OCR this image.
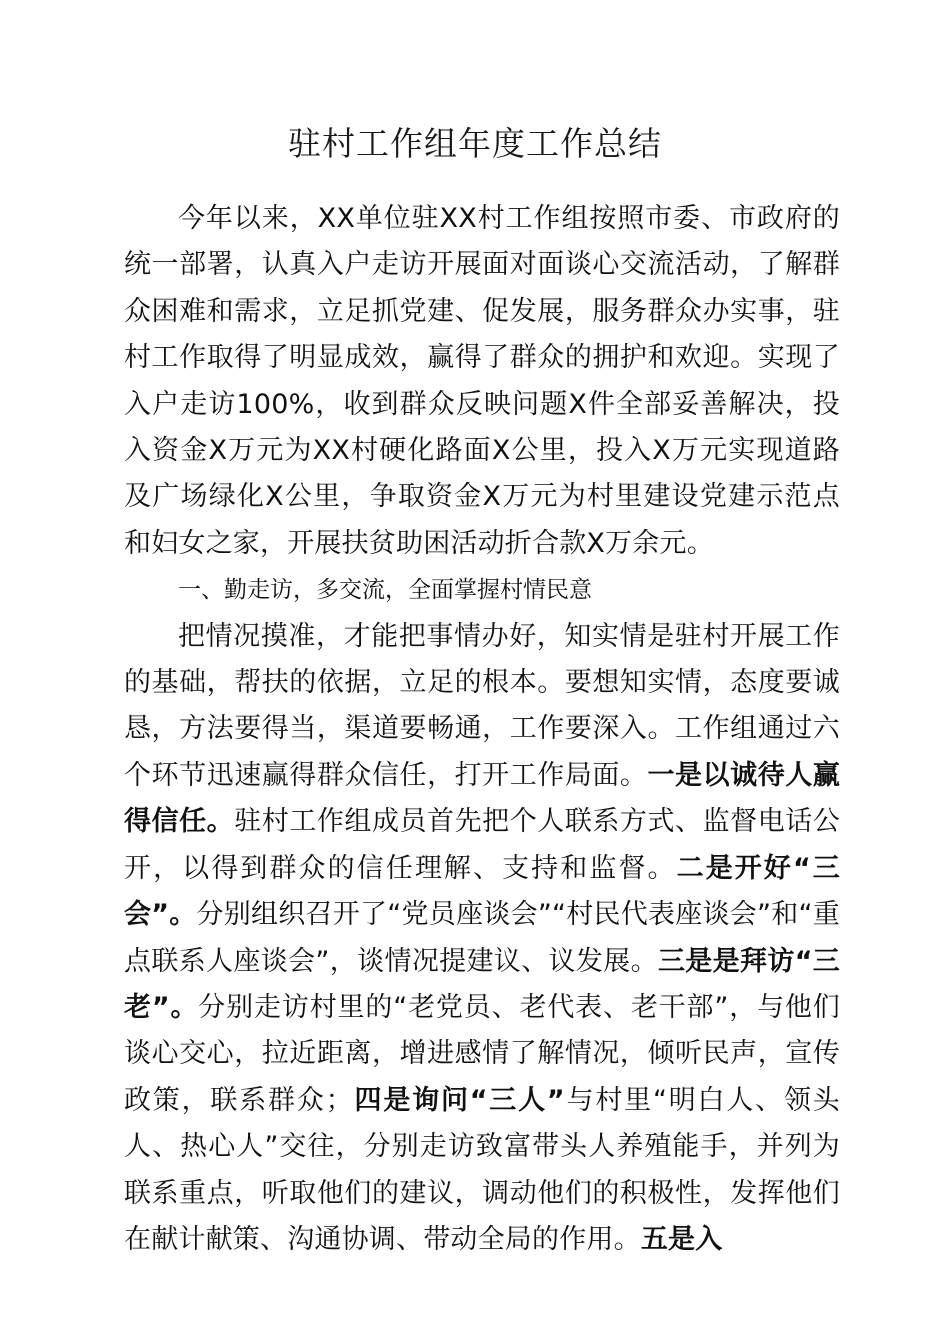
驻村工作组年度工作总结

今年以来，XX单位驻XX村工作组按照市委、市政府的统一部署，认真入户走访开展面对面谈心交流活动，了解群众困难和需求，立足抓党建、促发展，服务群众办实事，驻村工作取得了明显成效，赢得了群众的拥护和欢迎。实现了入户走访100%，收到群众反映问题X件全部妥善解决，投入资金X万元为XX村硬化路面X公里，投入X万元实现道路及广场绿化X公里，争取资金X万元为村里建设党建示范点和妇女之家，开展扶贫助困活动折合款X万余元。

一、勤走访，多交流，全面掌握村情民意

把情况摸准，才能把事情办好，知实情是驻村开展工作的基础，帮扶的依据，立足的根本。要想知实情，态度要诚恳，方法要得当，渠道要畅通，工作要深入。工作组通过六个环节迅速赢得群众信任，打开工作局面。一是以诚待人赢得信任。驻村工作组成员首先把个人联系方式、监督电话公开，以得到群众的信任理解、支持和监督。二是开好“三会”。分别组织召开了“党员座谈会”“村民代表座谈会”和“重点联系人座谈会”，谈情况提建议、议发展。三是是拜访“三老”。分别走访村里的“老党员、老代表、老干部”，与他们谈心交心，拉近距离，增进感情了解情况，倾听民声，宣传政策，联系群众；四是询问“三人”与村里“明白人、领头人、热心人”交往，分别走访致富带头人养殖能手，并列为联系重点，听取他们的建议，调动他们的积极性，发挥他们在献计献策、沟通协调、带动全局的作用。五是入
